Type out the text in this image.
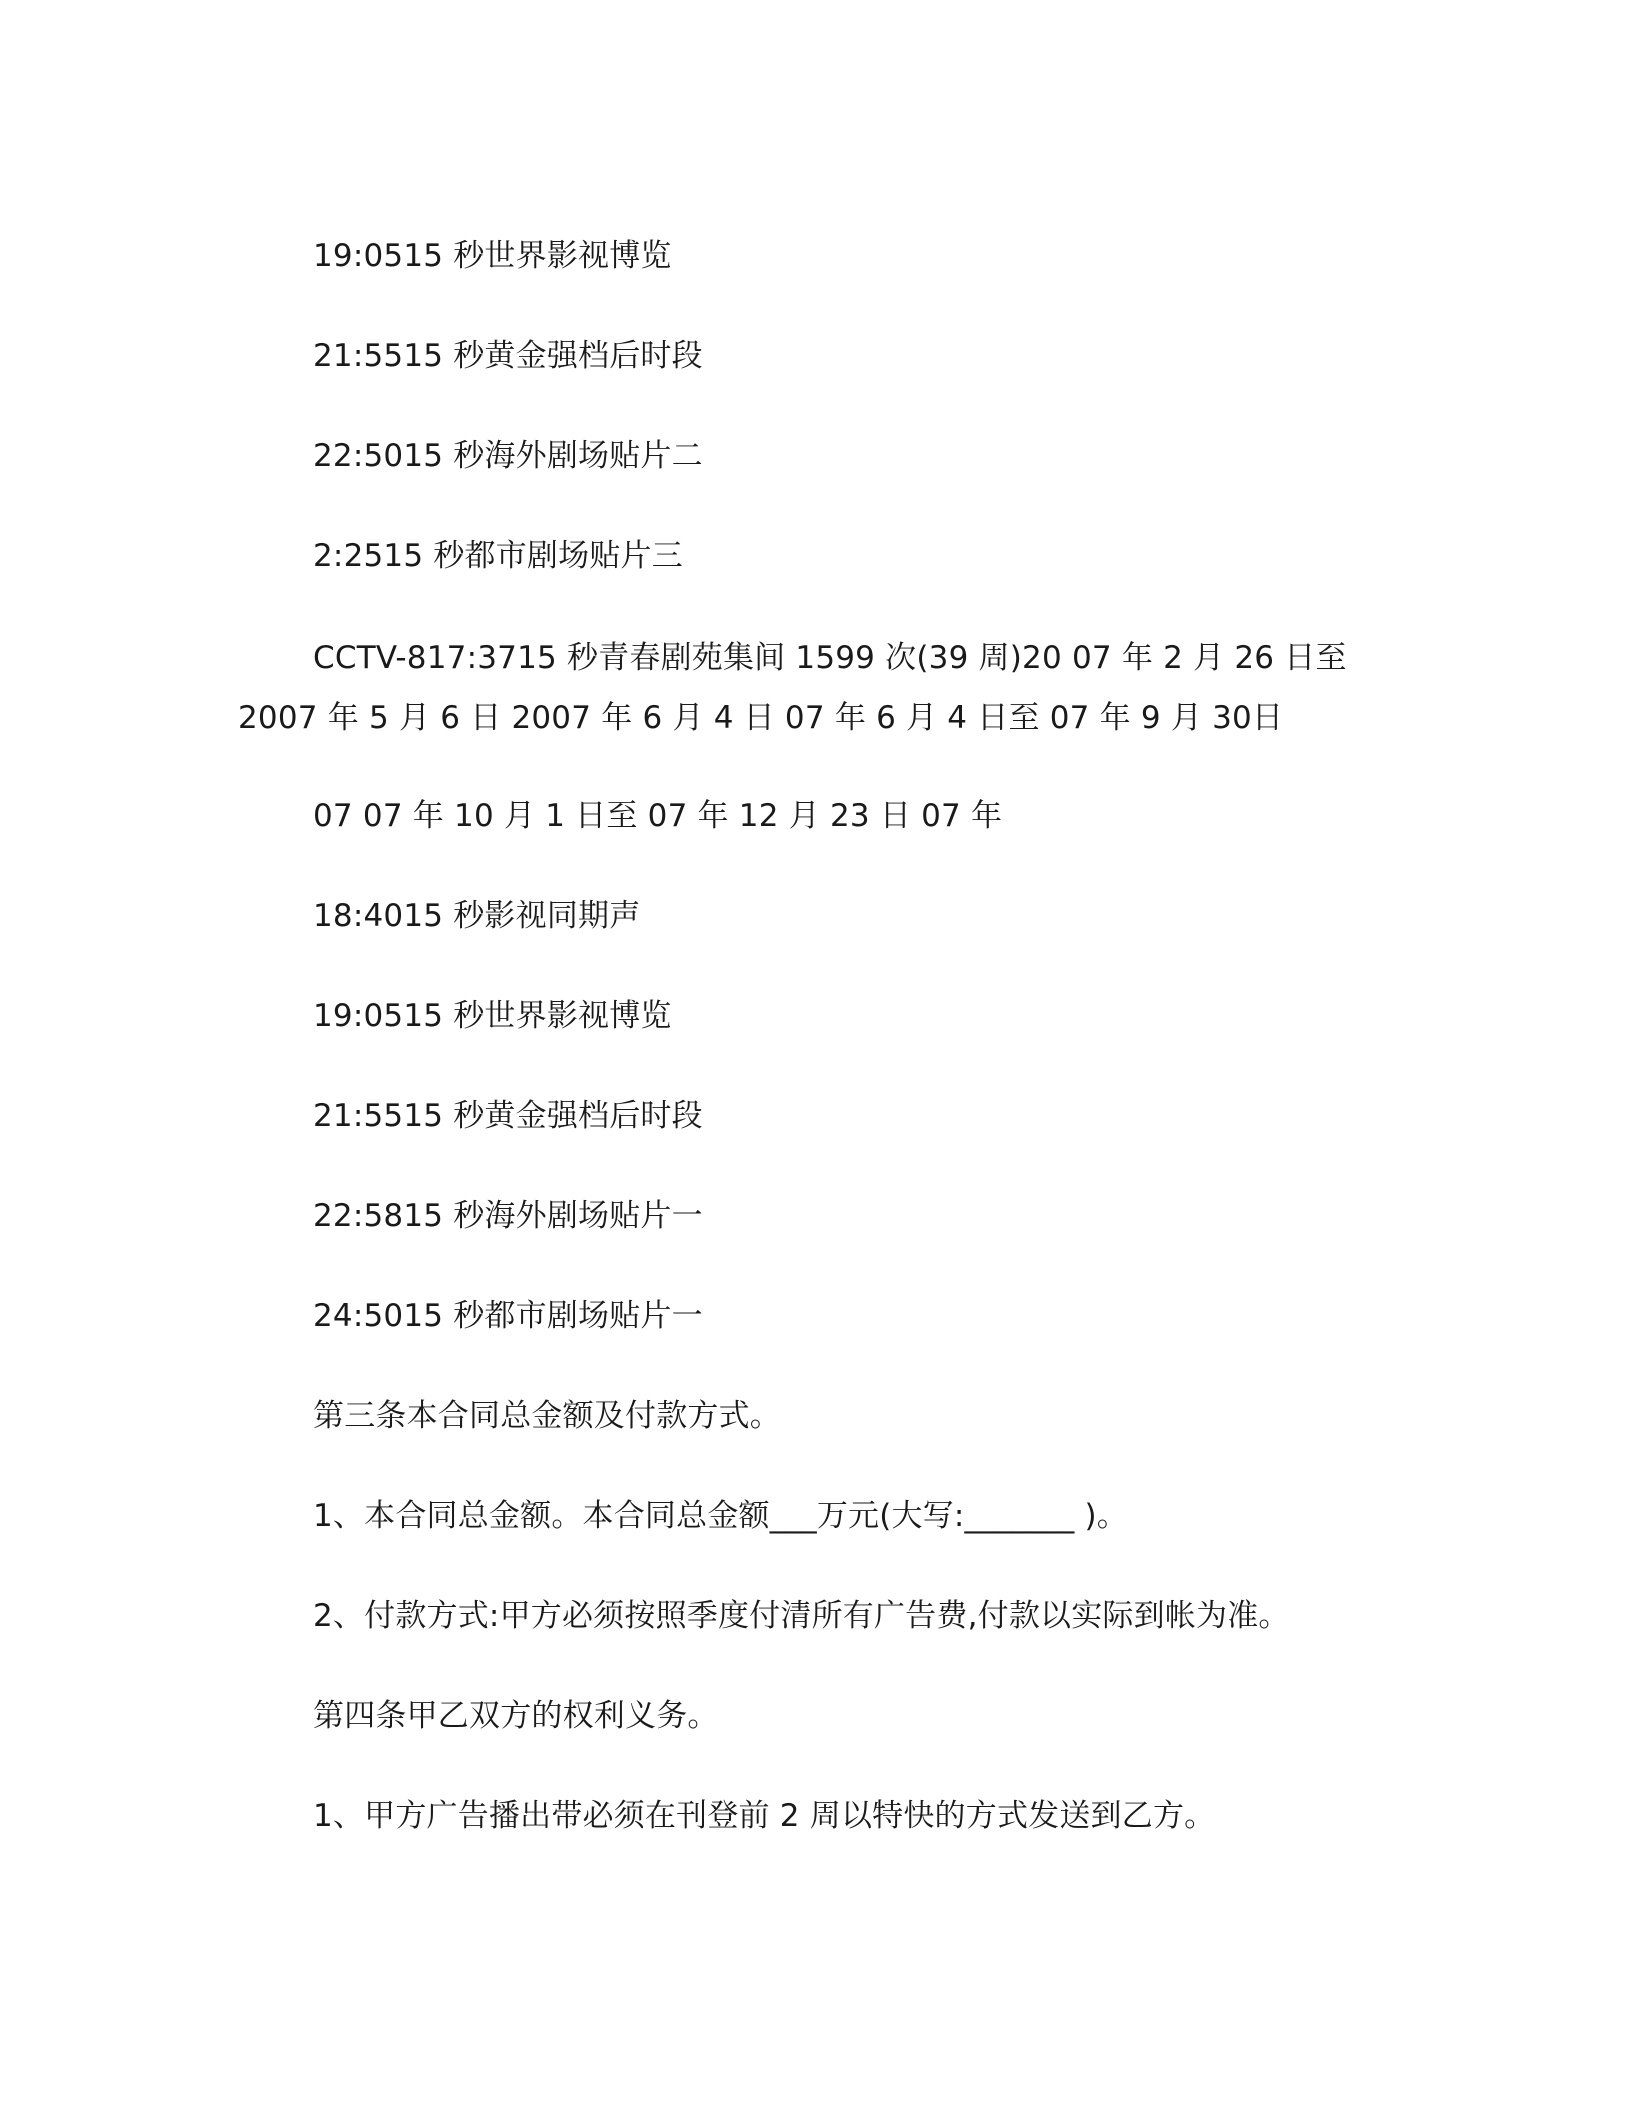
19:0515 秒世界影视博览
21:5515 秒黄金强档后时段
22:5015 秒海外剧场贴片二
2:2515 秒都市剧场贴片三
CCTV-817:3715 秒青春剧苑集间 1599 次(39 周)20 07 年 2 月 26 日至 2007 年 5 月 6 日 2007 年 6 月 4 日 07 年 6 月 4 日至 07 年 9 月 30日
07 07 年 10 月 1 日至 07 年 12 月 23 日 07 年
18:4015 秒影视同期声
19:0515 秒世界影视博览
21:5515 秒黄金强档后时段
22:5815 秒海外剧场贴片一
24:5015 秒都市剧场贴片一
第三条本合同总金额及付款方式。
1、本合同总金额。本合同总金额___万元(大写:_______ )。
2、付款方式:甲方必须按照季度付清所有广告费,付款以实际到帐为准。
第四条甲乙双方的权利义务。
1、甲方广告播出带必须在刊登前 2 周以特快的方式发送到乙方。
